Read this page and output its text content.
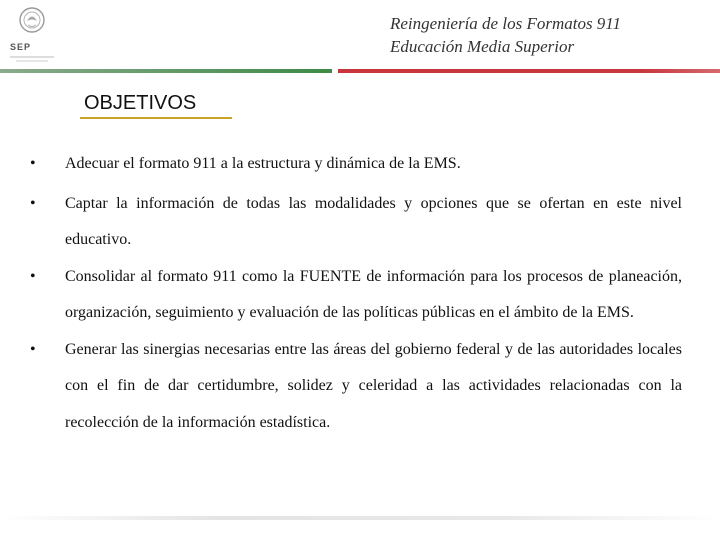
SEP
Reingeniería de los Formatos 911
Educación Media Superior
OBJETIVOS
• Adecuar el formato 911 a la estructura y dinámica de la EMS.
• Captar la información de todas las modalidades y opciones que se ofertan en este nivel educativo.
• Consolidar al formato 911 como la FUENTE de información para los procesos de planeación, organización, seguimiento y evaluación de las políticas públicas en el ámbito de la EMS.
• Generar las sinergias necesarias entre las áreas del gobierno federal y de las autoridades locales con el fin de dar certidumbre, solidez y celeridad a las actividades relacionadas con la recolección de la información estadística.
